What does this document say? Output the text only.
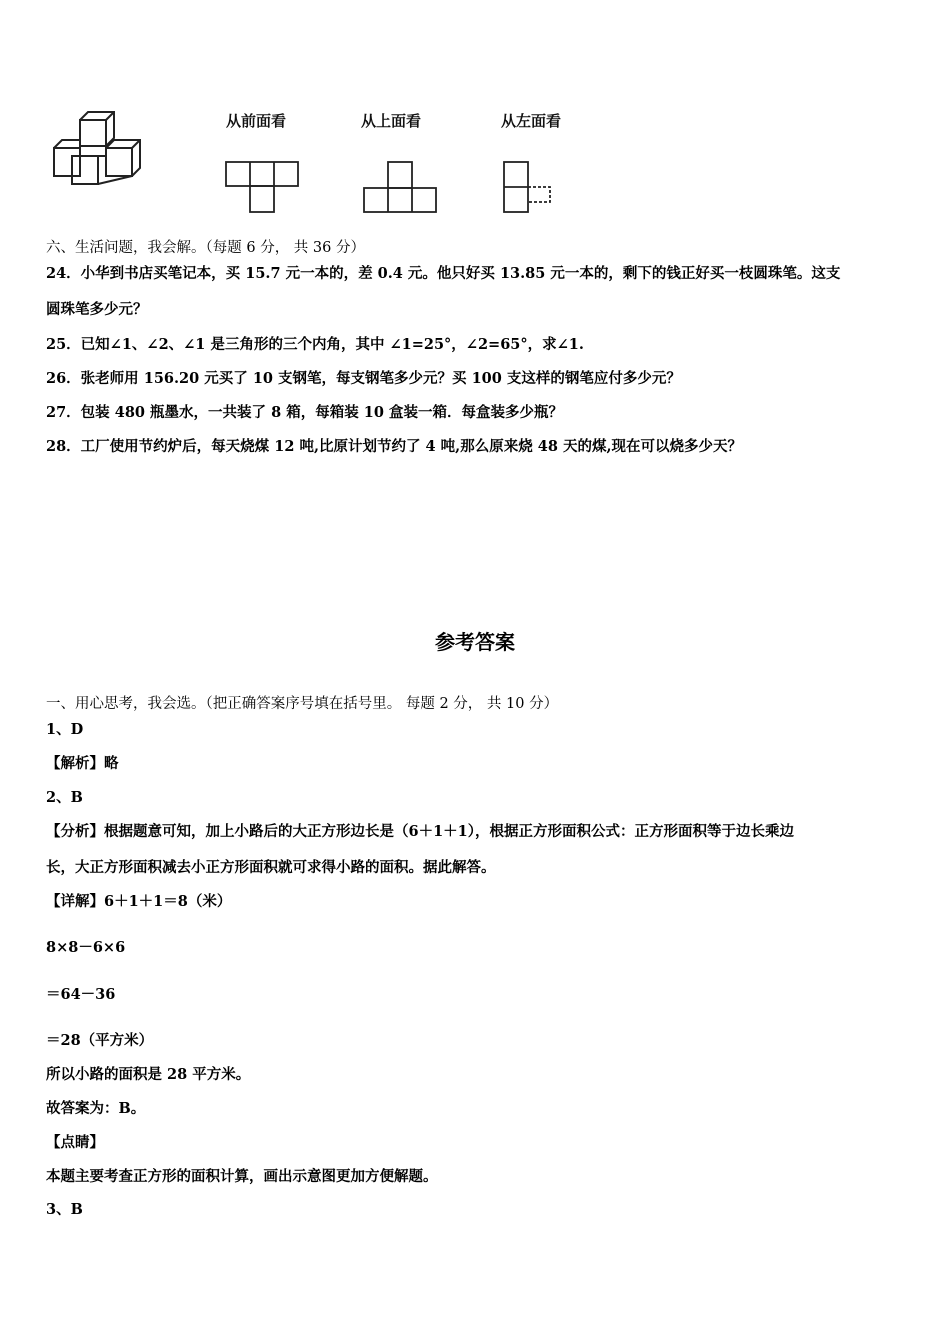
从前面看	从上面看	从左面看
六、生活问题，我会解。（每题 6 分， 共 36 分）
24．小华到书店买笔记本，买 15.7 元一本的，差 0.4 元。他只好买 13.85 元一本的，剩下的钱正好买一枝圆珠笔。这支
圆珠笔多少元？
25．已知∠1、∠2、∠1 是三角形的三个内角，其中 ∠1=25°，∠2=65°，求∠1.
26．张老师用 156.20 元买了 10 支钢笔，每支钢笔多少元？买 100 支这样的钢笔应付多少元？
27．包装 480 瓶墨水，一共装了 8 箱，每箱装 10 盒装一箱．每盒装多少瓶？
28．工厂使用节约炉后，每天烧煤 12 吨,比原计划节约了 4 吨,那么原来烧 48 天的煤,现在可以烧多少天？
参考答案
一、用心思考，我会选。（把正确答案序号填在括号里。 每题 2 分， 共 10 分）
1、D
【解析】略
2、B
【分析】根据题意可知，加上小路后的大正方形边长是（6＋1＋1），根据正方形面积公式：正方形面积等于边长乘边
长，大正方形面积减去小正方形面积就可求得小路的面积。据此解答。
【详解】6＋1＋1＝8（米）
8×8－6×6
＝64－36
＝28（平方米）
所以小路的面积是 28 平方米。
故答案为：B。
【点睛】
本题主要考查正方形的面积计算，画出示意图更加方便解题。
3、B
